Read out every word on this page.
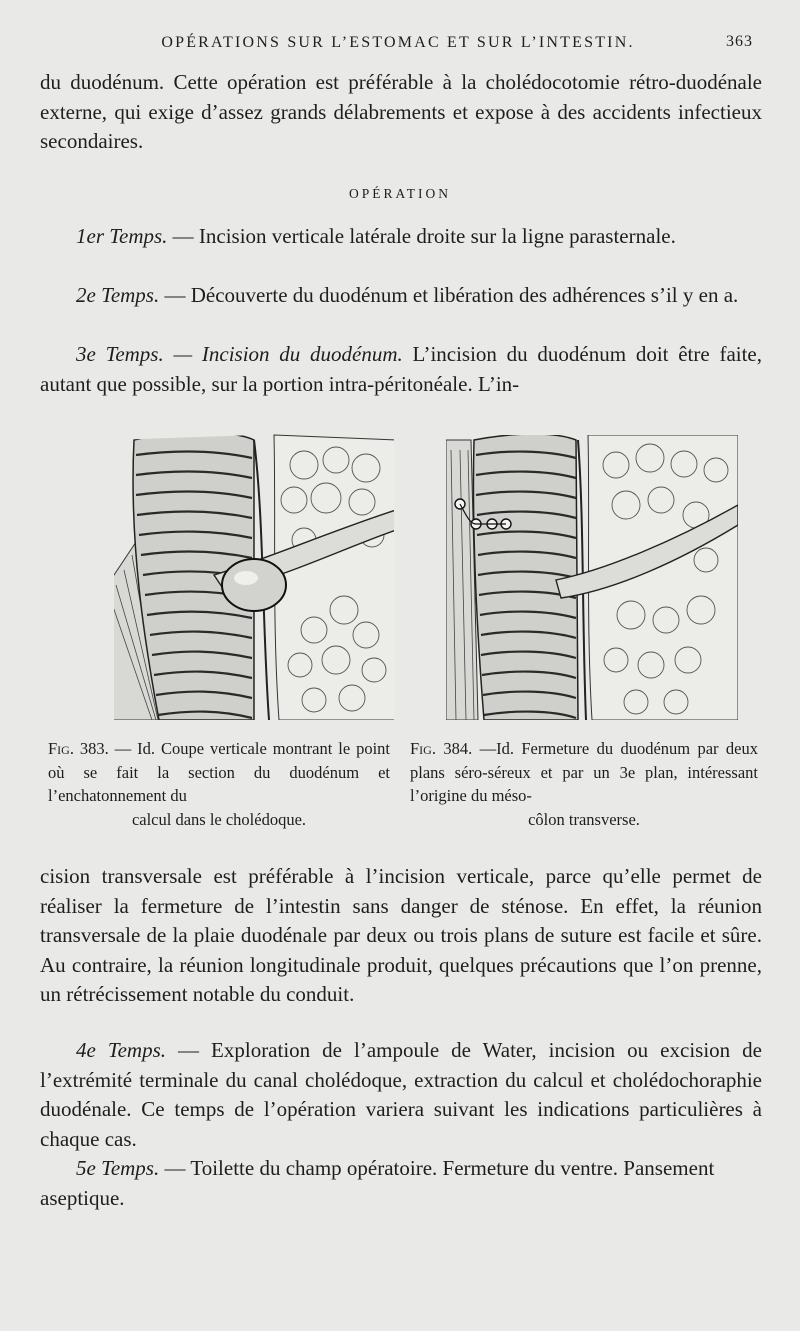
OPÉRATIONS SUR L’ESTOMAC ET SUR L’INTESTIN.	363

du duodénum. Cette opération est préférable à la cholédocotomie rétro-duodénale externe, qui exige d’assez grands délabrements et expose à des accidents infectieux secondaires.

OPÉRATION

1er Temps. — Incision verticale latérale droite sur la ligne parasternale.

2e Temps. — Découverte du duodénum et libération des adhérences s’il y en a.

3e Temps. — Incision du duodénum. L’incision du duodénum doit être faite, autant que possible, sur la portion intra-péritonéale. L’in-

Fig. 383. — Id. Coupe verticale montrant le point où se fait la section du duodénum et l’enchatonnement du
calcul dans le cholédoque.

Fig. 384. —Id. Fermeture du duodénum par deux plans séro-séreux et par un 3e plan, intéressant l’origine du méso-
côlon transverse.

cision transversale est préférable à l’incision verticale, parce qu’elle permet de réaliser la fermeture de l’intestin sans danger de sténose. En effet, la réunion transversale de la plaie duodénale par deux ou trois plans de suture est facile et sûre. Au contraire, la réunion longitudinale produit, quelques précautions que l’on prenne, un rétrécissement notable du conduit.

4e Temps. — Exploration de l’ampoule de Water, incision ou excision de l’extrémité terminale du canal cholédoque, extraction du calcul et cholédochoraphie duodénale. Ce temps de l’opération variera suivant les indications particulières à chaque cas.

5e Temps. — Toilette du champ opératoire. Fermeture du ventre. Pansement aseptique.
